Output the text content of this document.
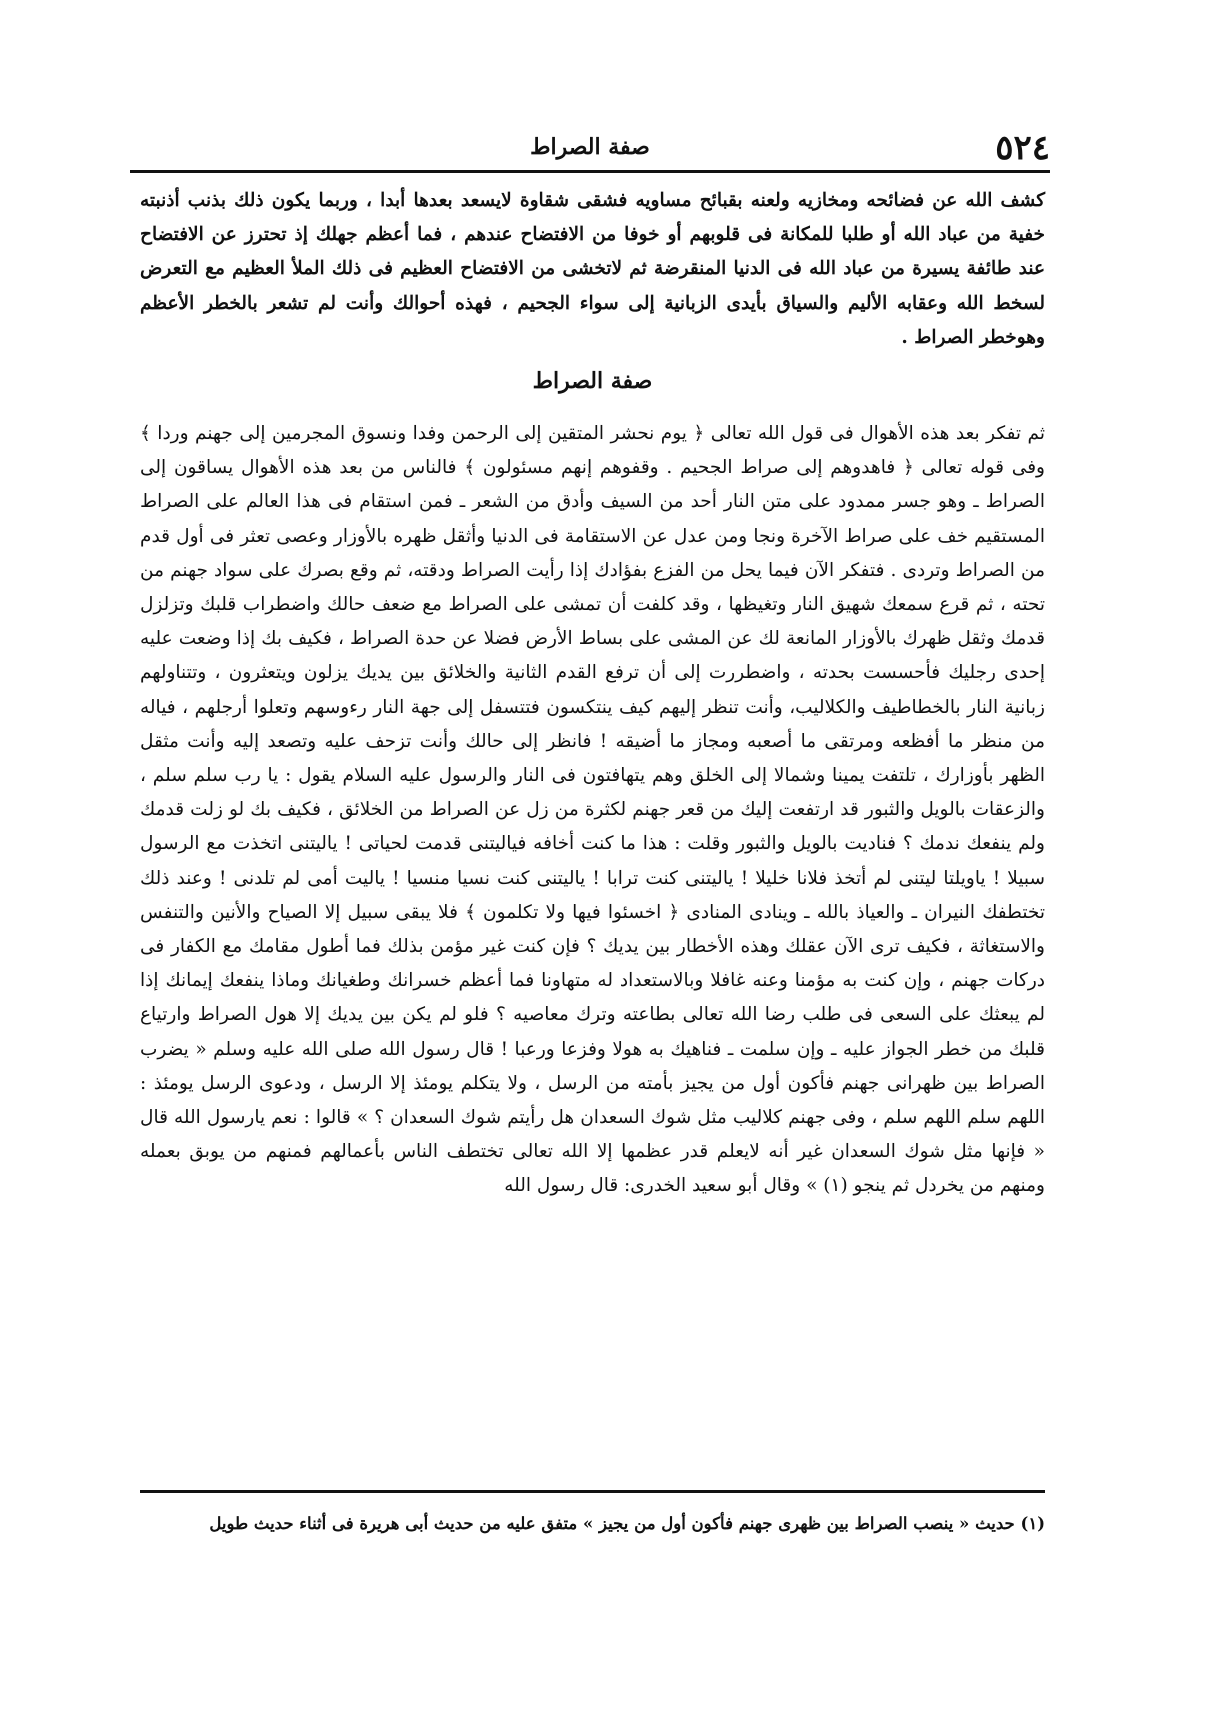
٥٢٤
صفة الصراط

كشف الله عن فضائحه ومخازيه ولعنه بقبائح مساويه فشقى شقاوة لايسعد بعدها أبدا ، وربما يكون ذلك بذنب أذنبته خفية من عباد الله أو طلبا للمكانة فى قلوبهم أو خوفا من الافتضاح عندهم ، فما أعظم جهلك إذ تحترز عن الافتضاح عند طائفة يسيرة من عباد الله فى الدنيا المنقرضة ثم لاتخشى من الافتضاح العظيم فى ذلك الملأ العظيم مع التعرض لسخط الله وعقابه الأليم والسياق بأيدى الزبانية إلى سواء الجحيم ، فهذه أحوالك وأنت لم تشعر بالخطر الأعظم وهوخطر الصراط .

صفة الصراط

ثم تفكر بعد هذه الأهوال فى قول الله تعالى ﴿ يوم نحشر المتقين إلى الرحمن وفدا ونسوق المجرمين إلى جهنم وردا ﴾ وفى قوله تعالى ﴿ فاهدوهم إلى صراط الجحيم . وقفوهم إنهم مسئولون ﴾ فالناس من بعد هذه الأهوال يساقون إلى الصراط ـ وهو جسر ممدود على متن النار أحد من السيف وأدق من الشعر ـ فمن استقام فى هذا العالم على الصراط المستقيم خف على صراط الآخرة ونجا ومن عدل عن الاستقامة فى الدنيا وأثقل ظهره بالأوزار وعصى تعثر فى أول قدم من الصراط وتردى . فتفكر الآن فيما يحل من الفزع بفؤادك إذا رأيت الصراط ودقته، ثم وقع بصرك على سواد جهنم من تحته ، ثم قرع سمعك شهيق النار وتغيظها ، وقد كلفت أن تمشى على الصراط مع ضعف حالك واضطراب قلبك وتزلزل قدمك وثقل ظهرك بالأوزار المانعة لك عن المشى على بساط الأرض فضلا عن حدة الصراط ، فكيف بك إذا وضعت عليه إحدى رجليك فأحسست بحدته ، واضطررت إلى أن ترفع القدم الثانية والخلائق بين يديك يزلون ويتعثرون ، وتتناولهم زبانية النار بالخطاطيف والكلاليب، وأنت تنظر إليهم كيف ينتكسون فتتسفل إلى جهة النار رءوسهم وتعلوا أرجلهم ، فياله من منظر ما أفظعه ومرتقى ما أصعبه ومجاز ما أضيقه ! فانظر إلى حالك وأنت تزحف عليه وتصعد إليه وأنت مثقل الظهر بأوزارك ، تلتفت يمينا وشمالا إلى الخلق وهم يتهافتون فى النار والرسول عليه السلام يقول : يا رب سلم سلم ، والزعقات بالويل والثبور قد ارتفعت إليك من قعر جهنم لكثرة من زل عن الصراط من الخلائق ، فكيف بك لو زلت قدمك ولم ينفعك ندمك ؟ فناديت بالويل والثبور وقلت : هذا ما كنت أخافه فياليتنى قدمت لحياتى ! ياليتنى اتخذت مع الرسول سبيلا ! ياويلتا ليتنى لم أتخذ فلانا خليلا ! ياليتنى كنت ترابا ! ياليتنى كنت نسيا منسيا ! ياليت أمى لم تلدنى ! وعند ذلك تختطفك النيران ـ والعياذ بالله ـ وينادى المنادى ﴿ اخسئوا فيها ولا تكلمون ﴾ فلا يبقى سبيل إلا الصياح والأنين والتنفس والاستغاثة ، فكيف ترى الآن عقلك وهذه الأخطار بين يديك ؟ فإن كنت غير مؤمن بذلك فما أطول مقامك مع الكفار فى دركات جهنم ، وإن كنت به مؤمنا وعنه غافلا وبالاستعداد له متهاونا فما أعظم خسرانك وطغيانك وماذا ينفعك إيمانك إذا لم يبعثك على السعى فى طلب رضا الله تعالى بطاعته وترك معاصيه ؟ فلو لم يكن بين يديك إلا هول الصراط وارتياع قلبك من خطر الجواز عليه ـ وإن سلمت ـ فناهيك به هولا وفزعا ورعبا ! قال رسول الله صلى الله عليه وسلم « يضرب الصراط بين ظهرانى جهنم فأكون أول من يجيز بأمته من الرسل ، ولا يتكلم يومئذ إلا الرسل ، ودعوى الرسل يومئذ : اللهم سلم اللهم سلم ، وفى جهنم كلاليب مثل شوك السعدان هل رأيتم شوك السعدان ؟ » قالوا : نعم يارسول الله قال « فإنها مثل شوك السعدان غير أنه لايعلم قدر عظمها إلا الله تعالى تختطف الناس بأعمالهم فمنهم من يوبق بعمله ومنهم من يخردل ثم ينجو (١) » وقال أبو سعيد الخدرى: قال رسول الله

(١) حديث « ينصب الصراط بين ظهرى جهنم فأكون أول من يجيز » متفق عليه من حديث أبى هريرة فى أثناء حديث طويل
